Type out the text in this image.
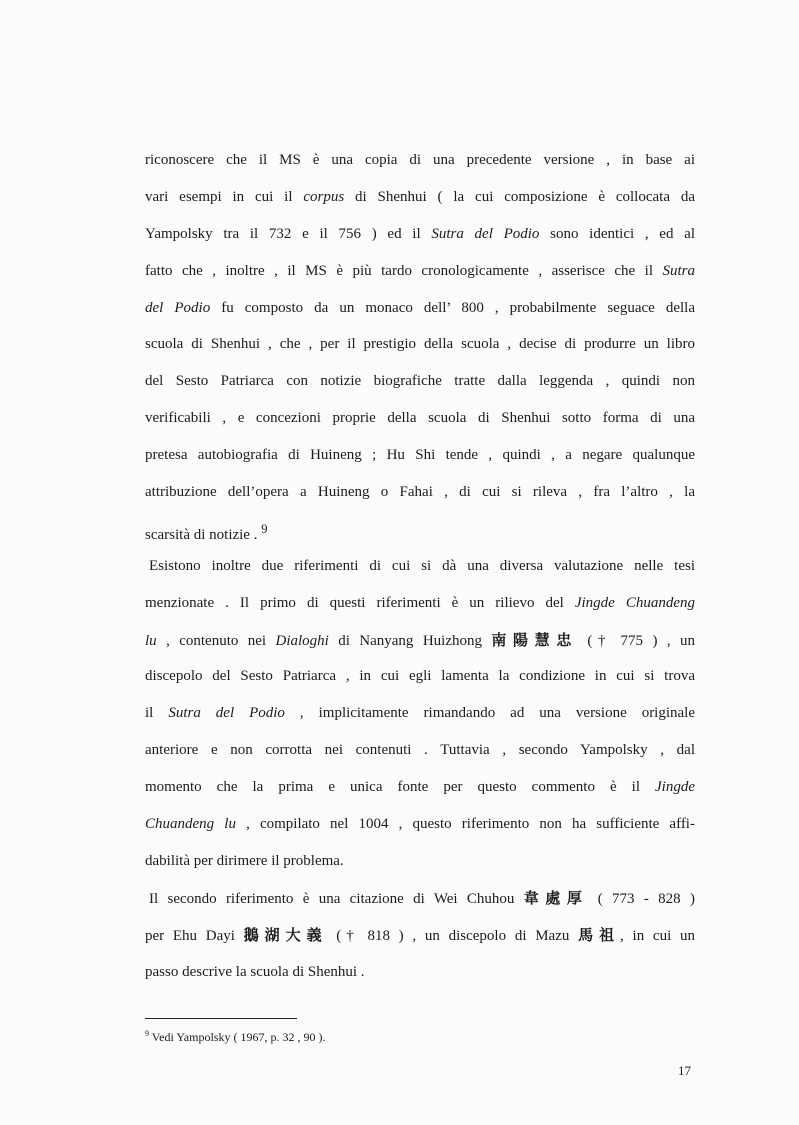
riconoscere che il MS è una copia di una precedente versione , in base ai
vari esempi in cui il corpus di Shenhui ( la cui composizione è collocata da
Yampolsky tra il 732 e il 756 ) ed il Sutra del Podio sono identici , ed al
fatto che , inoltre , il MS è più tardo cronologicamente , asserisce che il Sutra
del Podio fu composto da un monaco dell’ 800 , probabilmente seguace della
scuola di Shenhui , che , per il prestigio della scuola , decise di produrre un libro
del Sesto Patriarca con notizie biografiche tratte dalla leggenda , quindi non
verificabili , e concezioni proprie della scuola di Shenhui sotto forma di una
pretesa autobiografia di Huineng ; Hu Shi tende , quindi , a negare qualunque
attribuzione dell’opera a Huineng o Fahai , di cui si rileva , fra l’altro , la
scarsità di notizie . $^9$
Esistono inoltre due riferimenti di cui si dà una diversa valutazione nelle tesi
menzionate . Il primo di questi riferimenti è un rilievo del Jingde Chuandeng
lu , contenuto nei Dialoghi di Nanyang Huizhong 南陽慧忠 († 775 ) , un
discepolo del Sesto Patriarca , in cui egli lamenta la condizione in cui si trova
il Sutra del Podio , implicitamente rimandando ad una versione originale
anteriore e non corrotta nei contenuti . Tuttavia , secondo Yampolsky , dal
momento che la prima e unica fonte per questo commento è il Jingde
Chuandeng lu , compilato nel 1004 , questo riferimento non ha sufficiente affi-
dabilità per dirimere il problema.
Il secondo riferimento è una citazione di Wei Chuhou 韋處厚 ( 773 - 828 )
per Ehu Dayi 鵝湖大義 († 818 ) , un discepolo di Mazu 馬祖, in cui un
passo descrive la scuola di Shenhui .
$^9$ Vedi Yampolsky ( 1967, p. 32 , 90 ).
17
